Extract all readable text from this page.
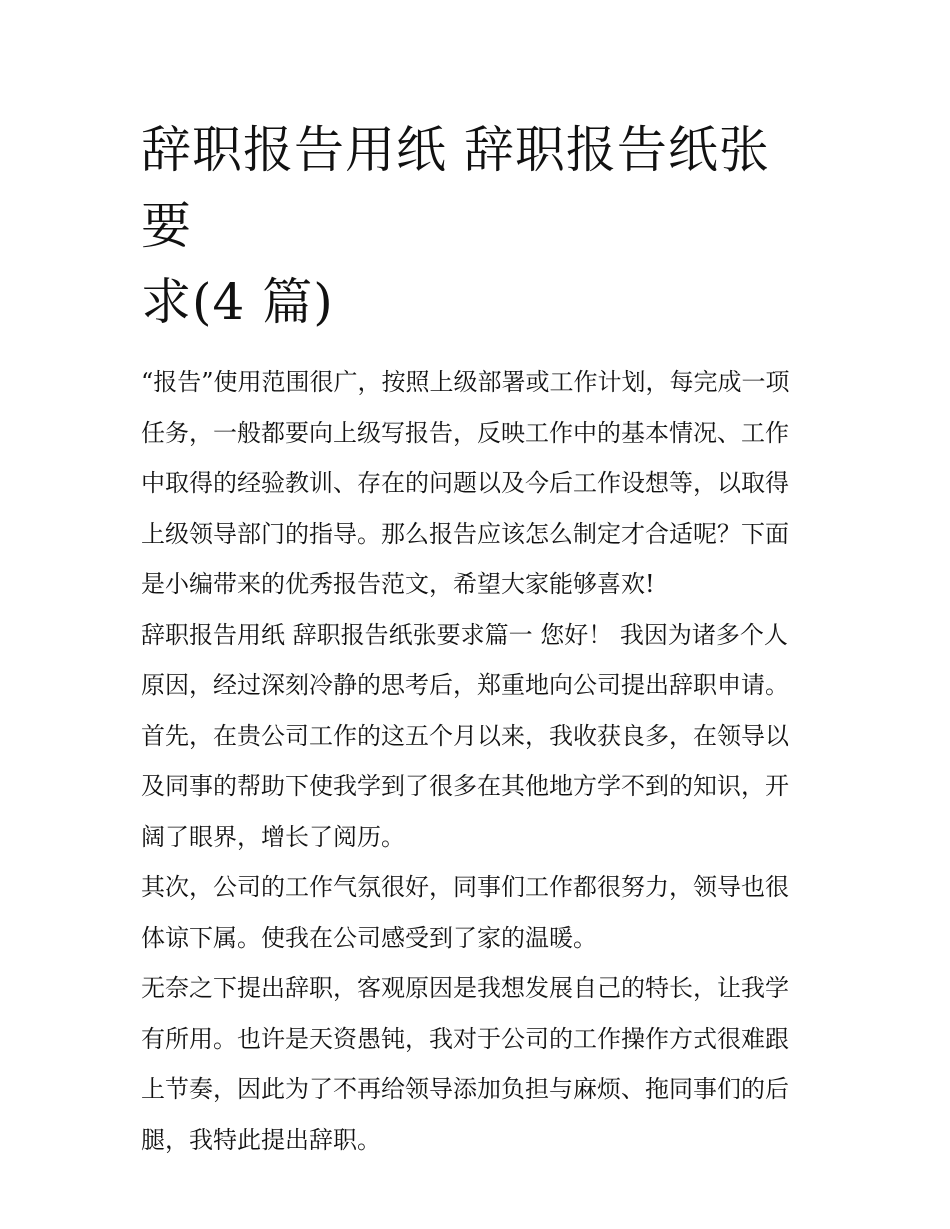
辞职报告用纸 辞职报告纸张要
求(4 篇)

“报告”使用范围很广，按照上级部署或工作计划，每完成一项
任务，一般都要向上级写报告，反映工作中的基本情况、工作
中取得的经验教训、存在的问题以及今后工作设想等，以取得
上级领导部门的指导。那么报告应该怎么制定才合适呢？下面
是小编带来的优秀报告范文，希望大家能够喜欢!

辞职报告用纸 辞职报告纸张要求篇一 您好！ 我因为诸多个人
原因，经过深刻冷静的思考后，郑重地向公司提出辞职申请。

首先，在贵公司工作的这五个月以来，我收获良多，在领导以
及同事的帮助下使我学到了很多在其他地方学不到的知识，开
阔了眼界，增长了阅历。

其次，公司的工作气氛很好，同事们工作都很努力，领导也很
体谅下属。使我在公司感受到了家的温暖。

无奈之下提出辞职，客观原因是我想发展自己的特长，让我学
有所用。也许是天资愚钝，我对于公司的工作操作方式很难跟
上节奏，因此为了不再给领导添加负担与麻烦、拖同事们的后
腿，我特此提出辞职。
